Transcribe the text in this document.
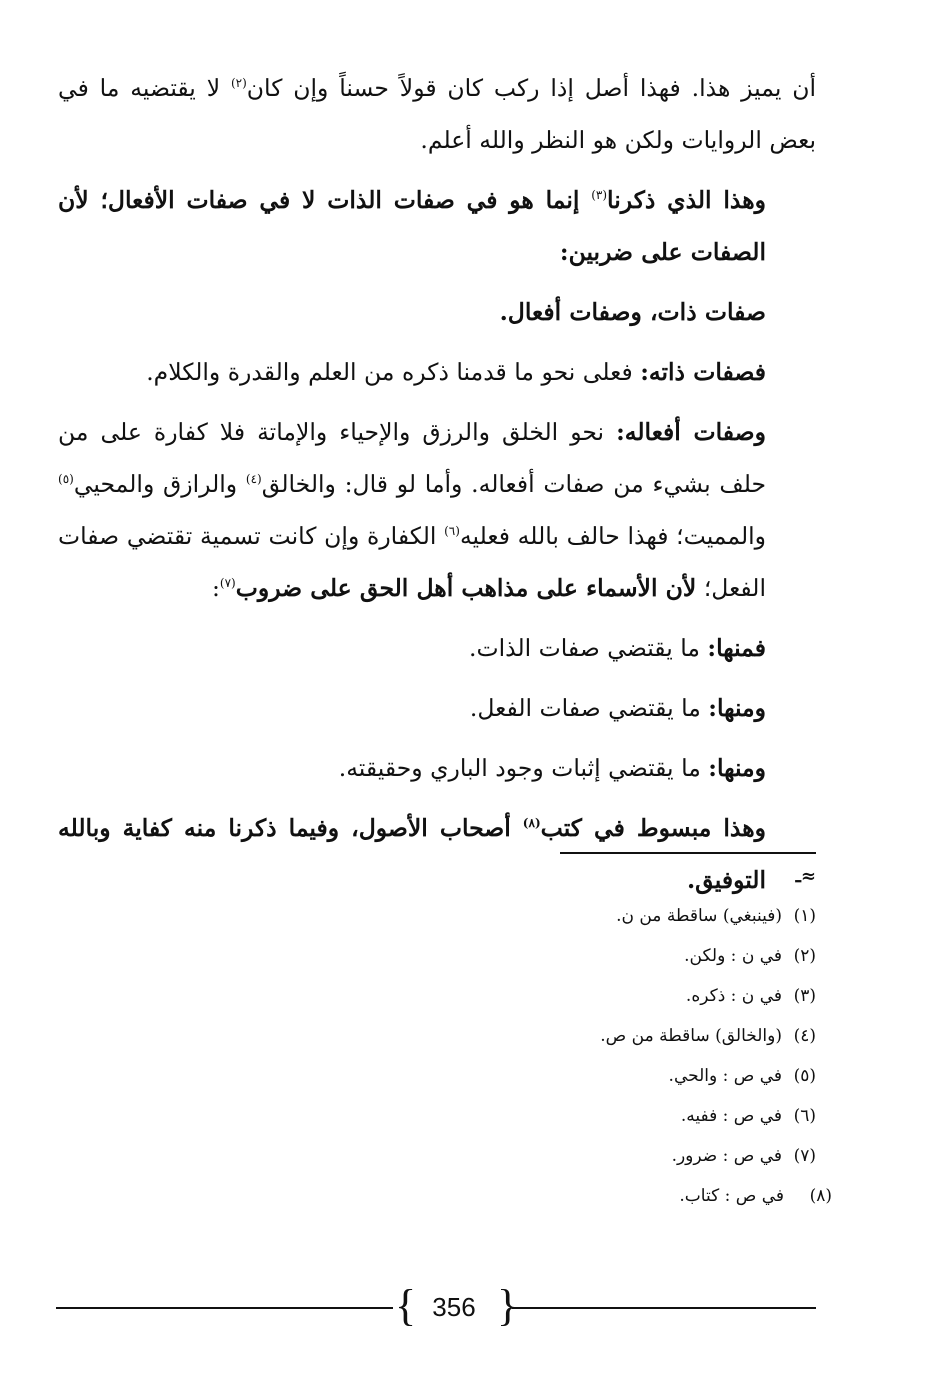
أن يميز هذا. فهذا أصل إذا ركب كان قولاً حسناً وإن كان$^{(٢)}$ لا يقتضيه ما في بعض الروايات ولكن هو النظر والله أعلم.

وهذا الذي ذكرنا$^{(٣)}$ إنما هو في صفات الذات لا في صفات الأفعال؛ لأن الصفات على ضربين:

صفات ذات، وصفات أفعال.

فصفات ذاته: فعلى نحو ما قدمنا ذكره من العلم والقدرة والكلام.

وصفات أفعاله: نحو الخلق والرزق والإحياء والإماتة فلا كفارة على من حلف بشيء من صفات أفعاله. وأما لو قال: والخالق$^{(٤)}$ والرازق والمحيي$^{(٥)}$ والمميت؛ فهذا حالف بالله فعليه$^{(٦)}$ الكفارة وإن كانت تسمية تقتضي صفات الفعل؛ لأن الأسماء على مذاهب أهل الحق على ضروب$^{(٧)}$:

فمنها: ما يقتضي صفات الذات.

ومنها: ما يقتضي صفات الفعل.

ومنها: ما يقتضي إثبات وجود الباري وحقيقته.

وهذا مبسوط في كتب$^{(٨)}$ أصحاب الأصول، وفيما ذكرنا منه كفاية وبالله التوفيق.	ـ≈
(١)(فينبغي) ساقطة من ن.
(٢)في ن : ولكن.
(٣)في ن : ذكره.
(٤)(والخالق) ساقطة من ص.
(٥)في ص : والحي.
(٦)في ص : ففيه.
(٧)في ص : ضرور.
(٨)في ص : كتاب.
{ }
356
